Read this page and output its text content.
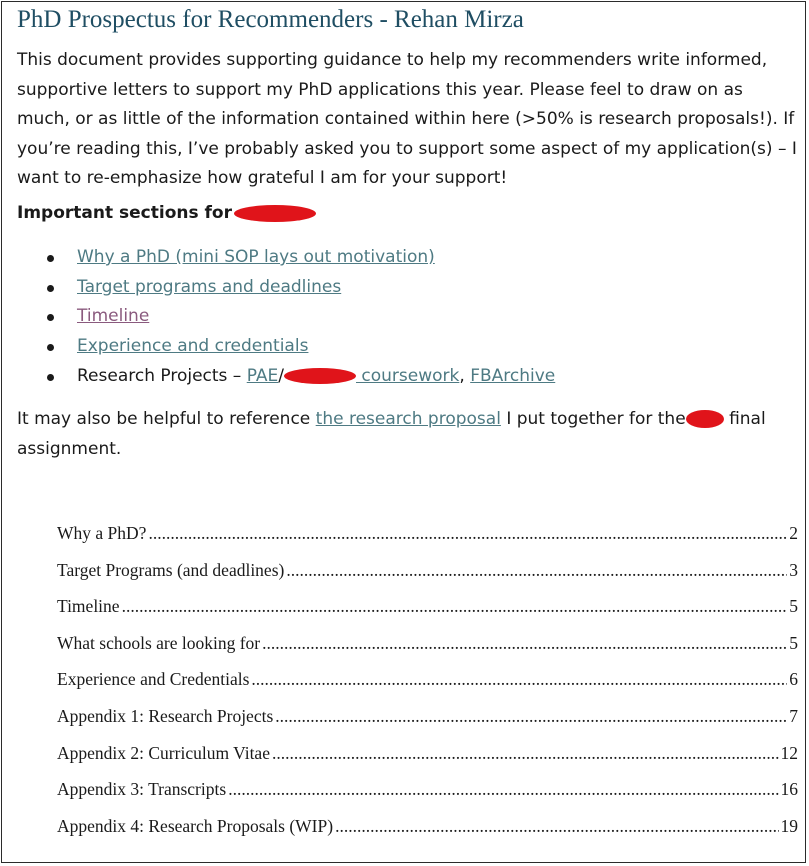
PhD Prospectus for Recommenders - Rehan Mirza

This document provides supporting guidance to help my recommenders write informed, supportive letters to support my PhD applications this year. Please feel to draw on as much, or as little of the information contained within here (>50% is research proposals!). If you’re reading this, I’ve probably asked you to support some aspect of my application(s) – I want to re-emphasize how grateful I am for your support!

Important sections for

Why a PhD (mini SOP lays out motivation)
Target programs and deadlines
Timeline
Experience and credentials
Research Projects – PAE/	coursework, FBArchive

It may also be helpful to reference the research proposal I put together for the final assignment.

Why a PhD? .....	2
Target Programs (and deadlines) .....	3
Timeline .....	5
What schools are looking for .....	5
Experience and Credentials .....	6
Appendix 1: Research Projects .....	7
Appendix 2: Curriculum Vitae .....	12
Appendix 3: Transcripts .....	16
Appendix 4: Research Proposals (WIP) .....	19
